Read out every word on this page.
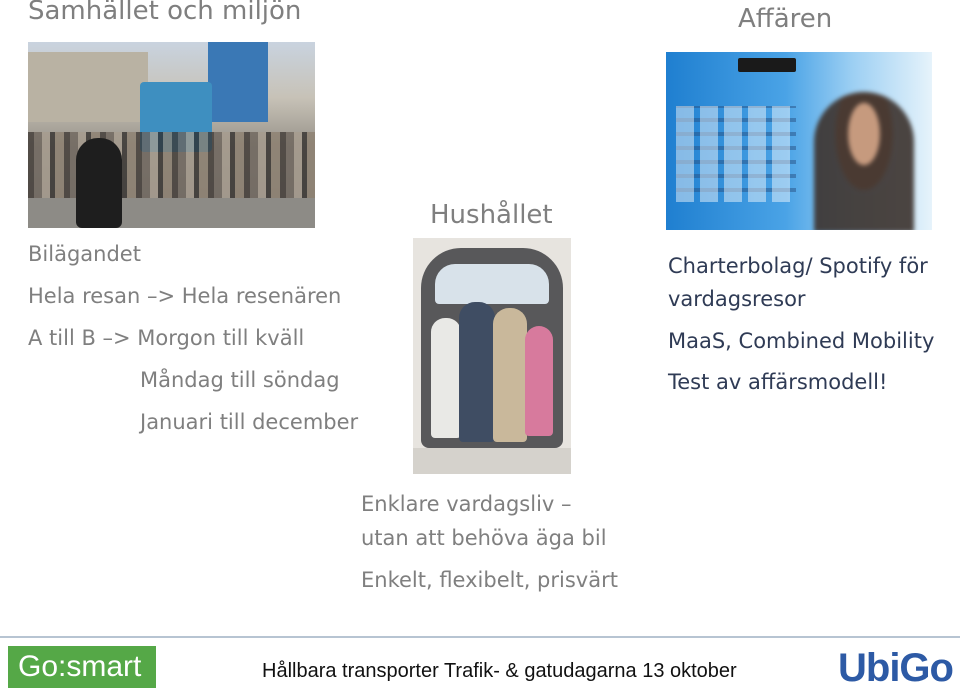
Samhället och miljön
Bilägandet
Hela resan –> Hela resenären
A till B –> Morgon till kväll
Måndag till söndag
Januari till december
Hushållet
Enklare vardagsliv –
utan att behöva äga bil
Enkelt, flexibelt, prisvärt
Affären
Charterbolag/ Spotify för
vardagsresor
MaaS, Combined Mobility
Test av affärsmodell!
Go:smart	Hållbara transporter Trafik- & gatudagarna 13 oktober	UbiGo
